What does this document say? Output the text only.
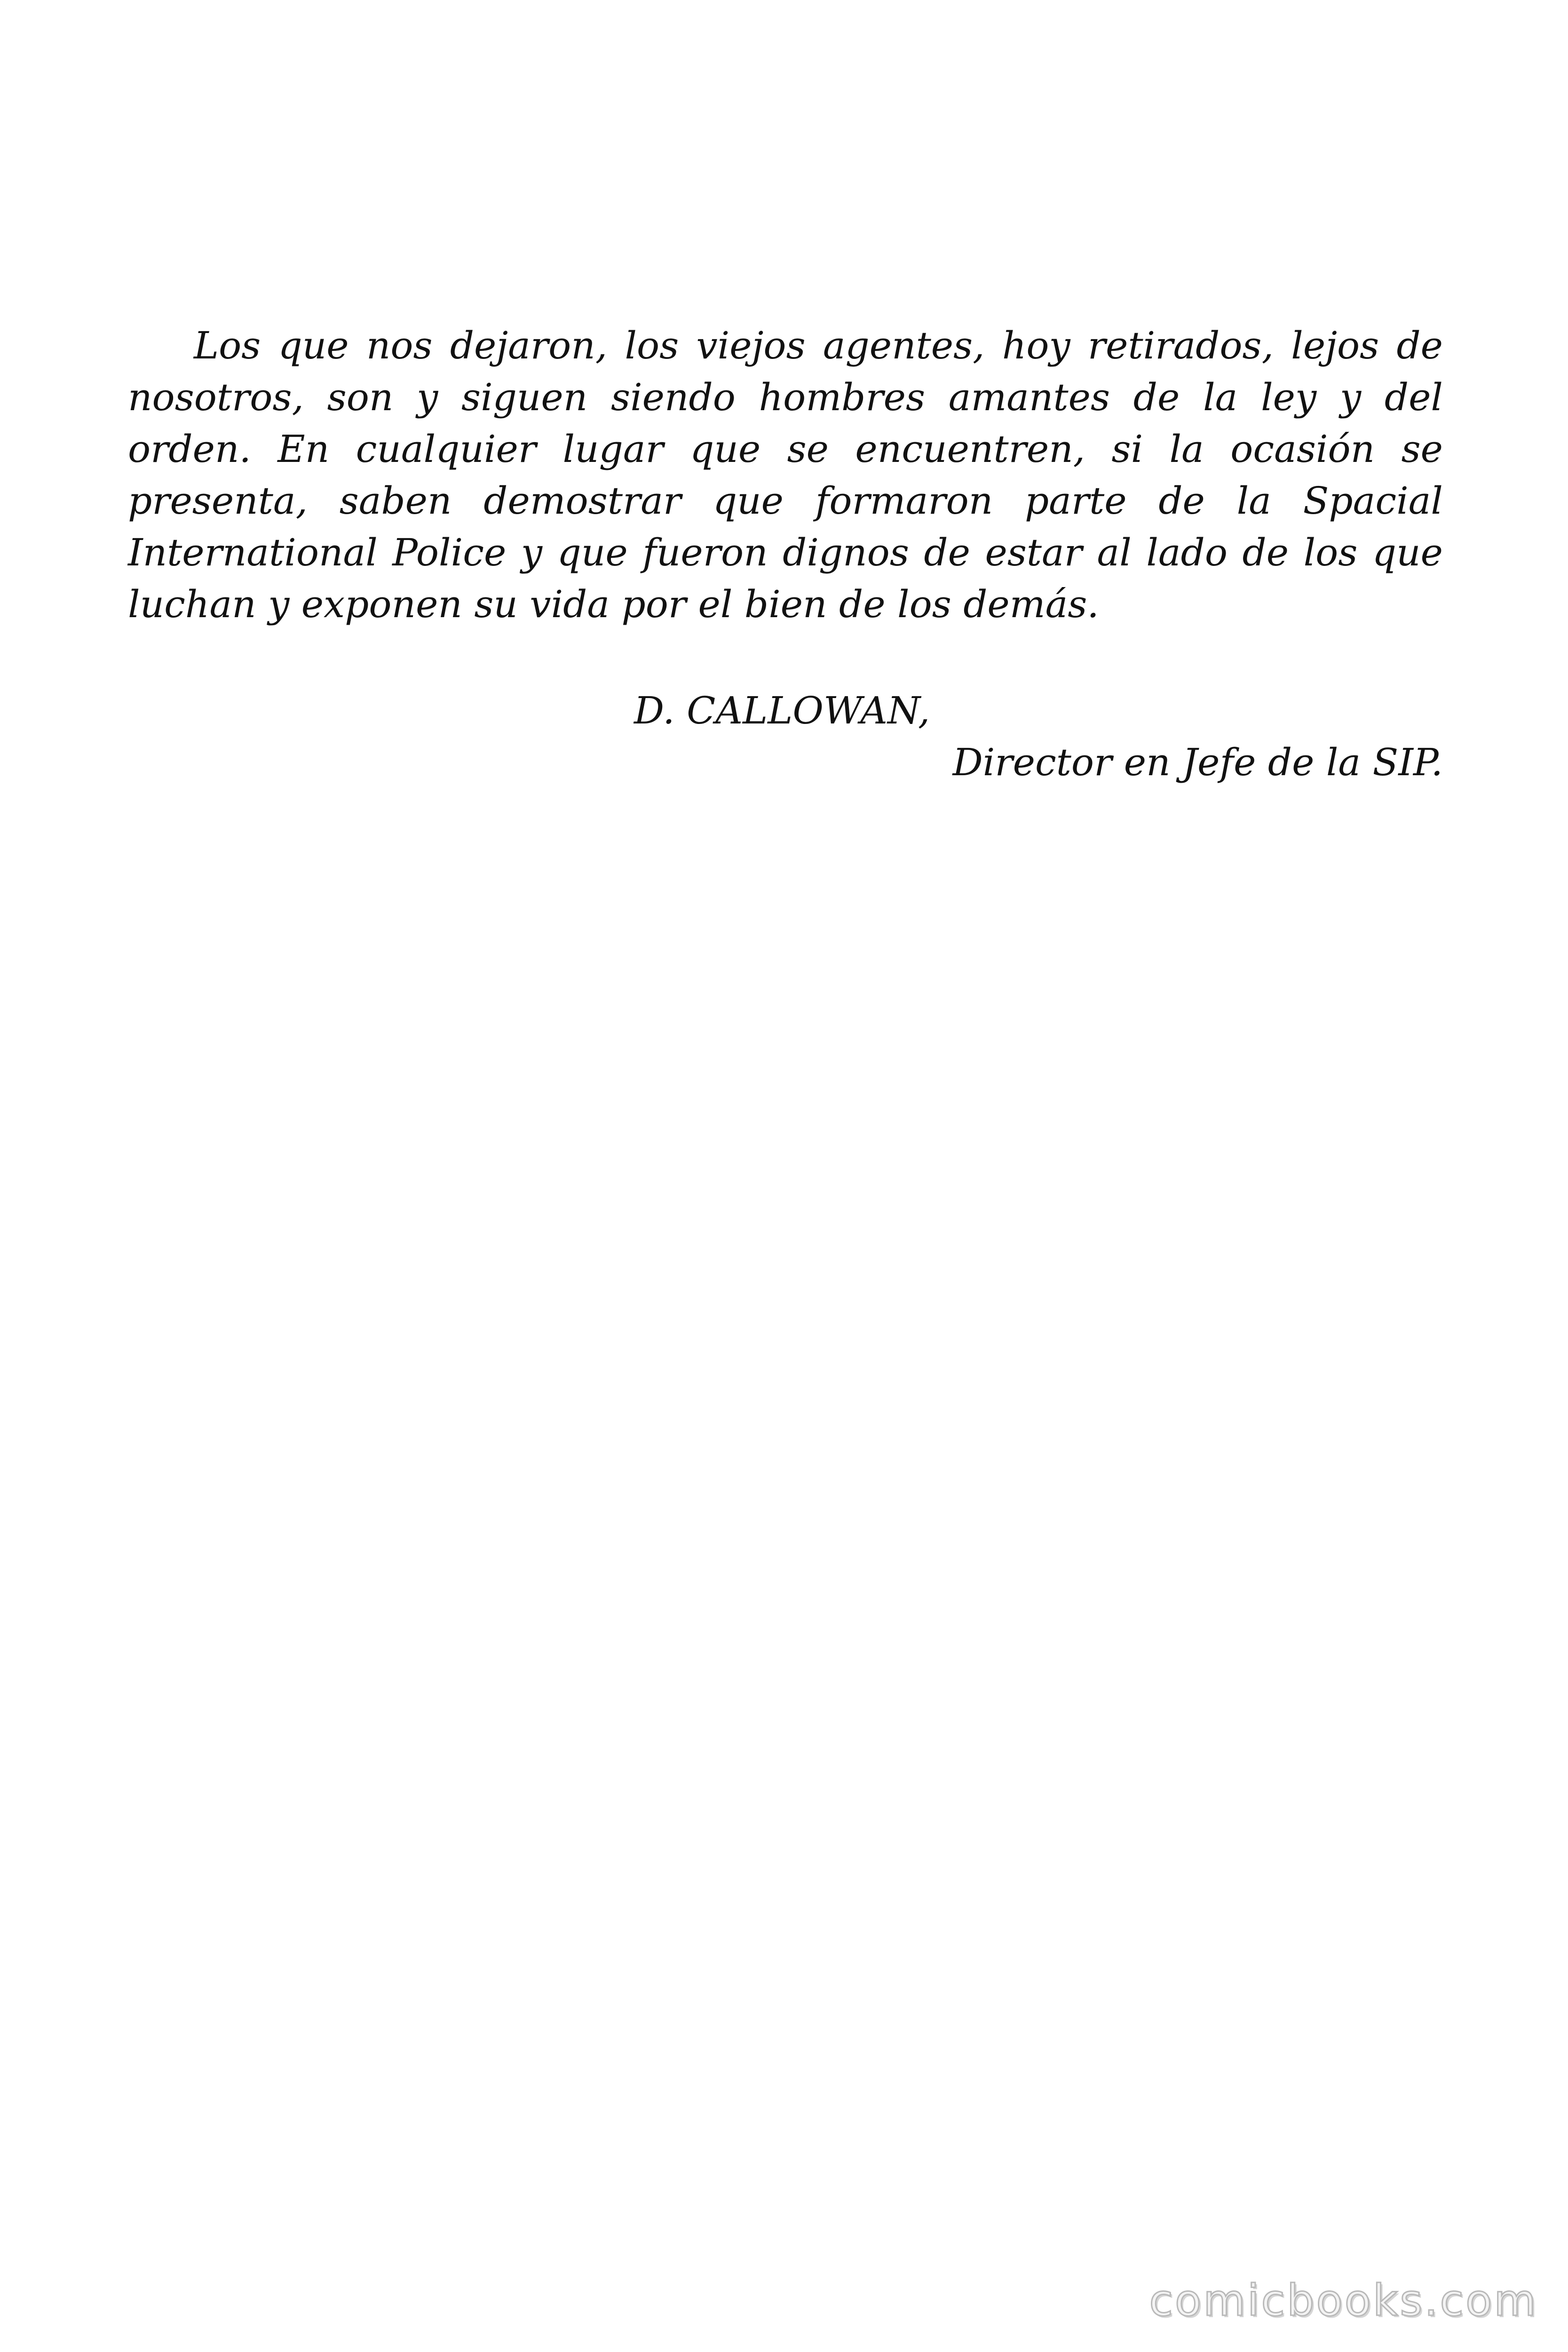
Los que nos dejaron, los viejos agentes, hoy retirados, lejos de nosotros, son y siguen siendo hombres amantes de la ley y del orden. En cualquier lugar que se encuentren, si la ocasión se presenta, saben demostrar que formaron parte de la Spacial International Police y que fueron dignos de estar al lado de los que luchan y exponen su vida por el bien de los demás.

D. CALLOWAN,
Director en Jefe de la SIP.
comicbooks.com
